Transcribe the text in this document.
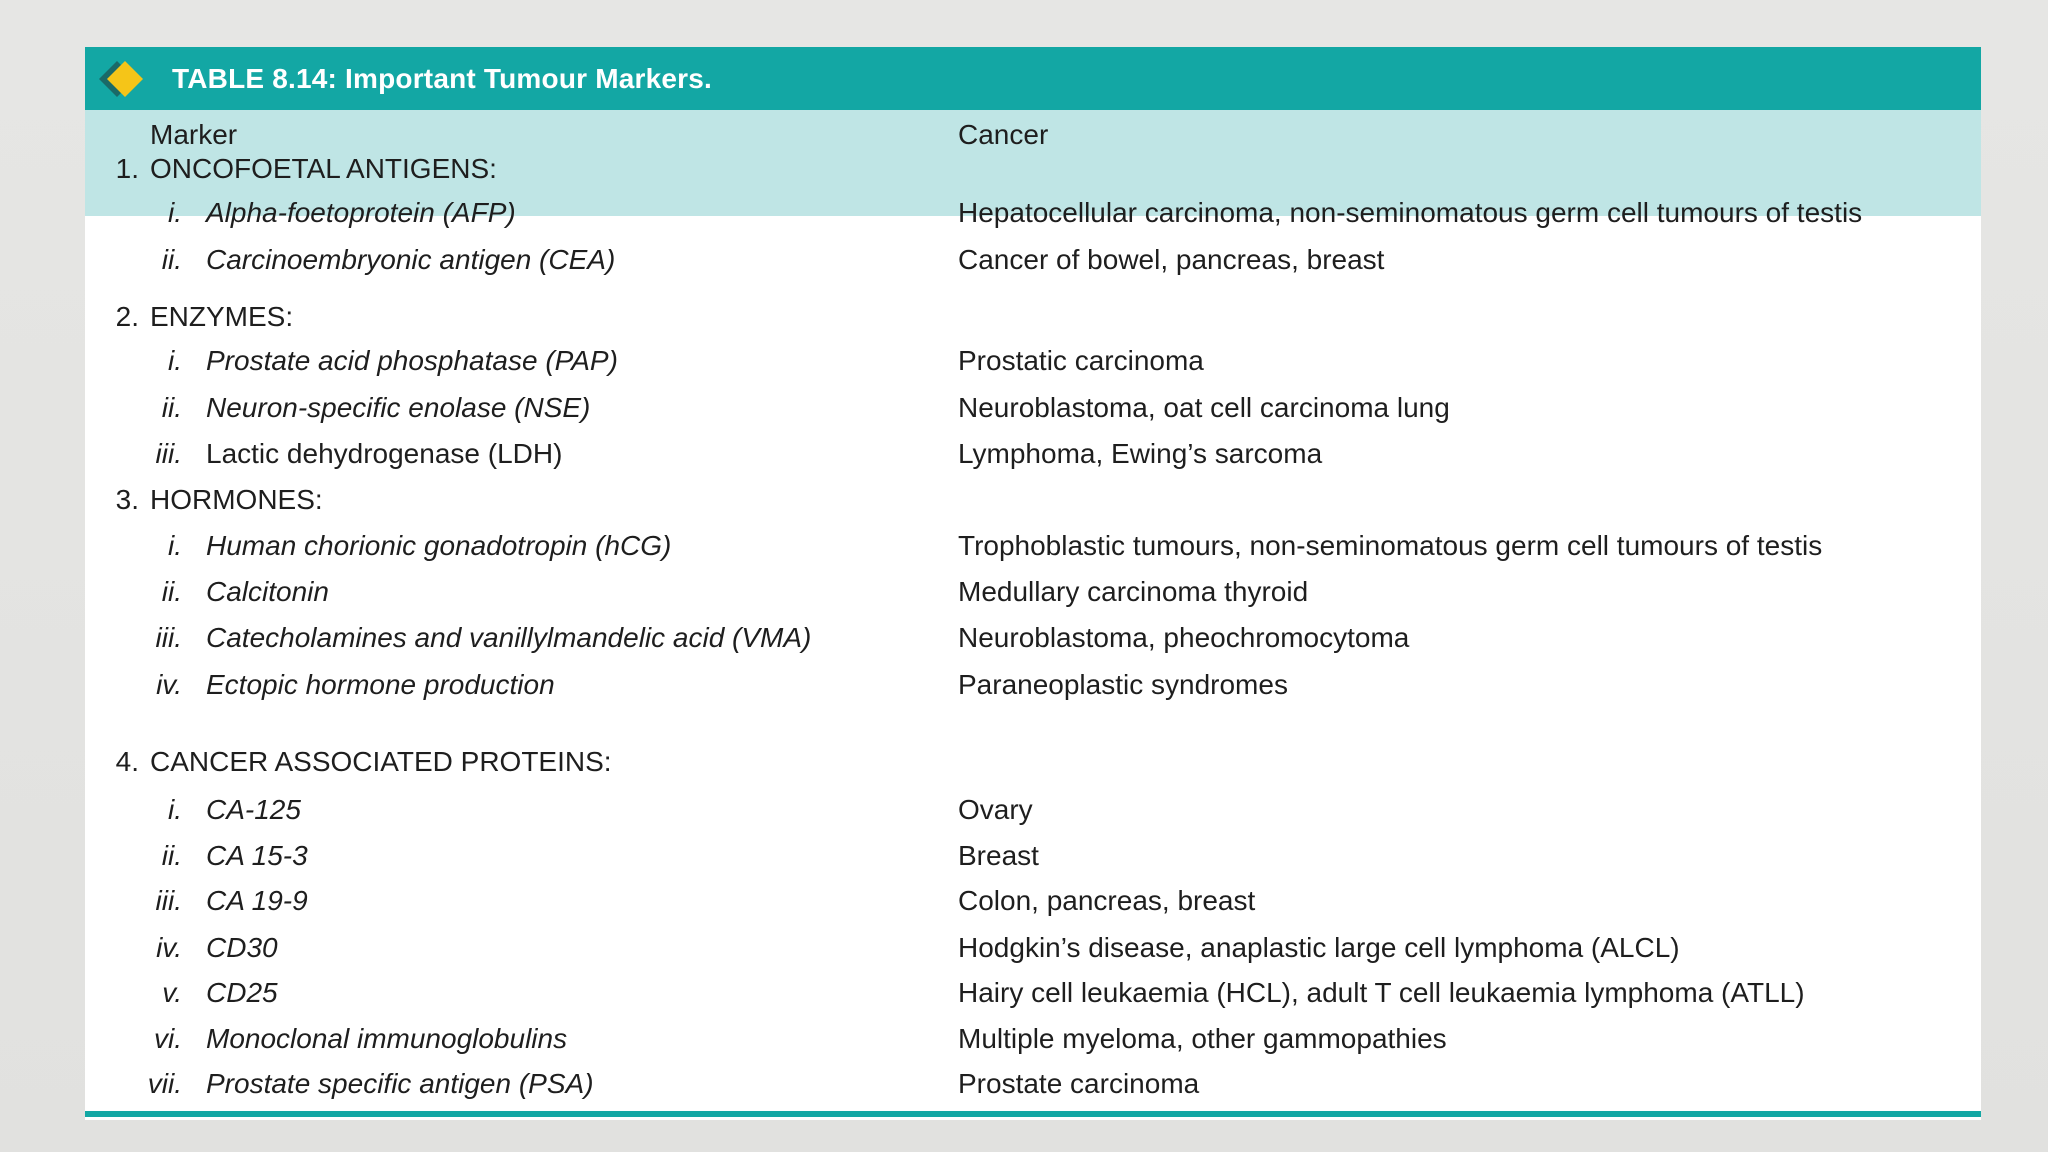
TABLE 8.14: Important Tumour Markers.
Marker	Cancer
1. ONCOFOETAL ANTIGENS:
i. Alpha-foetoprotein (AFP)	Hepatocellular carcinoma, non-seminomatous germ cell tumours of testis
ii. Carcinoembryonic antigen (CEA)	Cancer of bowel, pancreas, breast
2. ENZYMES:
i. Prostate acid phosphatase (PAP)	Prostatic carcinoma
ii. Neuron-specific enolase (NSE)	Neuroblastoma, oat cell carcinoma lung
iii. Lactic dehydrogenase (LDH)	Lymphoma, Ewing’s sarcoma
3. HORMONES:
i. Human chorionic gonadotropin (hCG)	Trophoblastic tumours, non-seminomatous germ cell tumours of testis
ii. Calcitonin	Medullary carcinoma thyroid
iii. Catecholamines and vanillylmandelic acid (VMA)	Neuroblastoma, pheochromocytoma
iv. Ectopic hormone production	Paraneoplastic syndromes
4. CANCER ASSOCIATED PROTEINS:
i. CA-125	Ovary
ii. CA 15-3	Breast
iii. CA 19-9	Colon, pancreas, breast
iv. CD30	Hodgkin’s disease, anaplastic large cell lymphoma (ALCL)
v. CD25	Hairy cell leukaemia (HCL), adult T cell leukaemia lymphoma (ATLL)
vi. Monoclonal immunoglobulins	Multiple myeloma, other gammopathies
vii. Prostate specific antigen (PSA)	Prostate carcinoma
